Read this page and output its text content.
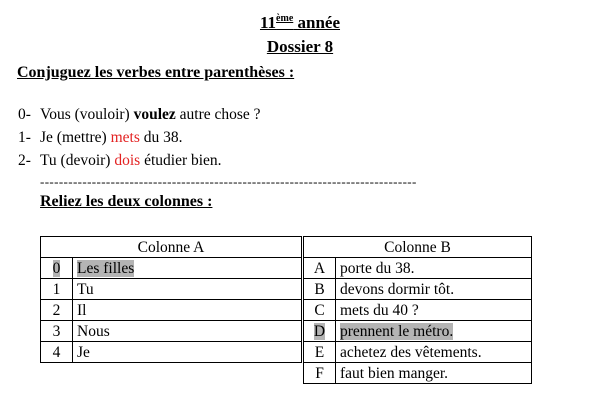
11ème année
Dossier 8
Conjuguez les verbes entre parenthèses :
0- Vous (vouloir) voulez autre chose ?
1- Je (mettre) mets du 38.
2- Tu (devoir) dois étudier bien.
--------------------------------------------------------------------------------
Reliez les deux colonnes :
Colonne A	
0	Les filles
1	Tu
2	Il
3	Nous
4	Je
Colonne B	
A	porte du 38.
B	devons dormir tôt.
C	mets du 40 ?
D	prennent le métro.
E	achetez des vêtements.
F	faut bien manger.
